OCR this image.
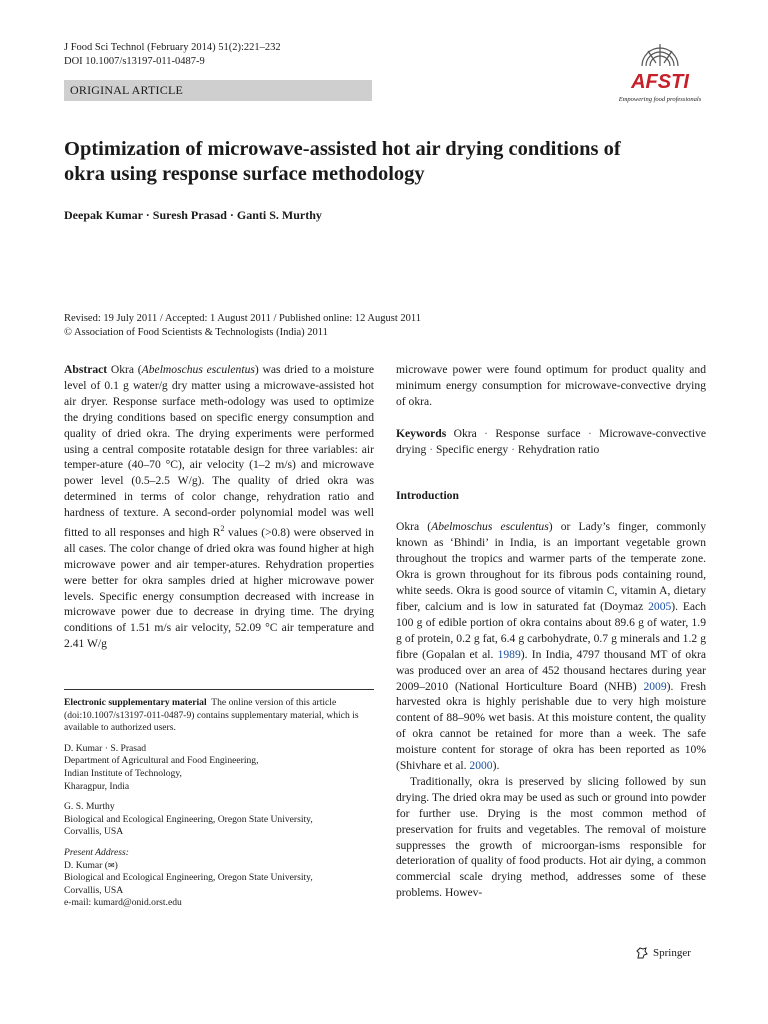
J Food Sci Technol (February 2014) 51(2):221–232
DOI 10.1007/s13197-011-0487-9
ORIGINAL ARTICLE	AFSTI
Empowering food professionals
Optimization of microwave-assisted hot air drying conditions of okra using response surface methodology
Deepak Kumar · Suresh Prasad · Ganti S. Murthy
Revised: 19 July 2011 / Accepted: 1 August 2011 / Published online: 12 August 2011
© Association of Food Scientists & Technologists (India) 2011

Abstract Okra (Abelmoschus esculentus) was dried to a moisture level of 0.1 g water/g dry matter using a microwave-assisted hot air dryer. Response surface meth-odology was used to optimize the drying conditions based on specific energy consumption and quality of dried okra. The drying experiments were performed using a central composite rotatable design for three variables: air temper-ature (40–70 °C), air velocity (1–2 m/s) and microwave power level (0.5–2.5 W/g). The quality of dried okra was determined in terms of color change, rehydration ratio and hardness of texture. A second-order polynomial model was well fitted to all responses and high $R^2$ values (>0.8) were observed in all cases. The color change of dried okra was found higher at high microwave power and air temper-atures. Rehydration properties were better for okra samples dried at higher microwave power levels. Specific energy consumption decreased with increase in microwave power due to decrease in drying time. The drying conditions of 1.51 m/s air velocity, 52.09 °C air temperature and 2.41 W/g

Electronic supplementary material The online version of this article (doi:10.1007/s13197-011-0487-9) contains supplementary material, which is available to authorized users.

D. Kumar · S. Prasad
Department of Agricultural and Food Engineering,
Indian Institute of Technology,
Kharagpur, India

G. S. Murthy
Biological and Ecological Engineering, Oregon State University,
Corvallis, USA

Present Address:
D. Kumar (✉)
Biological and Ecological Engineering, Oregon State University,
Corvallis, USA
e-mail: kumard@onid.orst.edu

microwave power were found optimum for product quality and minimum energy consumption for microwave-convective drying of okra.

Keywords Okra · Response surface · Microwave-convective drying · Specific energy · Rehydration ratio

Introduction

Okra (Abelmoschus esculentus) or Lady’s finger, commonly known as ‘Bhindi’ in India, is an important vegetable grown throughout the tropics and warmer parts of the temperate zone. Okra is grown throughout for its fibrous pods containing round, white seeds. Okra is good source of vitamin C, vitamin A, dietary fiber, calcium and is low in saturated fat (Doymaz 2005). Each 100 g of edible portion of okra contains about 89.6 g of water, 1.9 g of protein, 0.2 g fat, 6.4 g carbohydrate, 0.7 g minerals and 1.2 g fibre (Gopalan et al. 1989). In India, 4797 thousand MT of okra was produced over an area of 452 thousand hectares during year 2009–2010 (National Horticulture Board (NHB) 2009). Fresh harvested okra is highly perishable due to very high moisture content of 88–90% wet basis. At this moisture content, the quality of okra cannot be retained for more than a week. The safe moisture content for storage of okra has been reported as 10% (Shivhare et al. 2000).

Traditionally, okra is preserved by slicing followed by sun drying. The dried okra may be used as such or ground into powder for further use. Drying is the most common method of preservation for fruits and vegetables. The removal of moisture suppresses the growth of microorgan-isms responsible for deterioration of quality of food products. Hot air dying, a common commercial scale drying method, addresses some of these problems. Howev-

Springer
